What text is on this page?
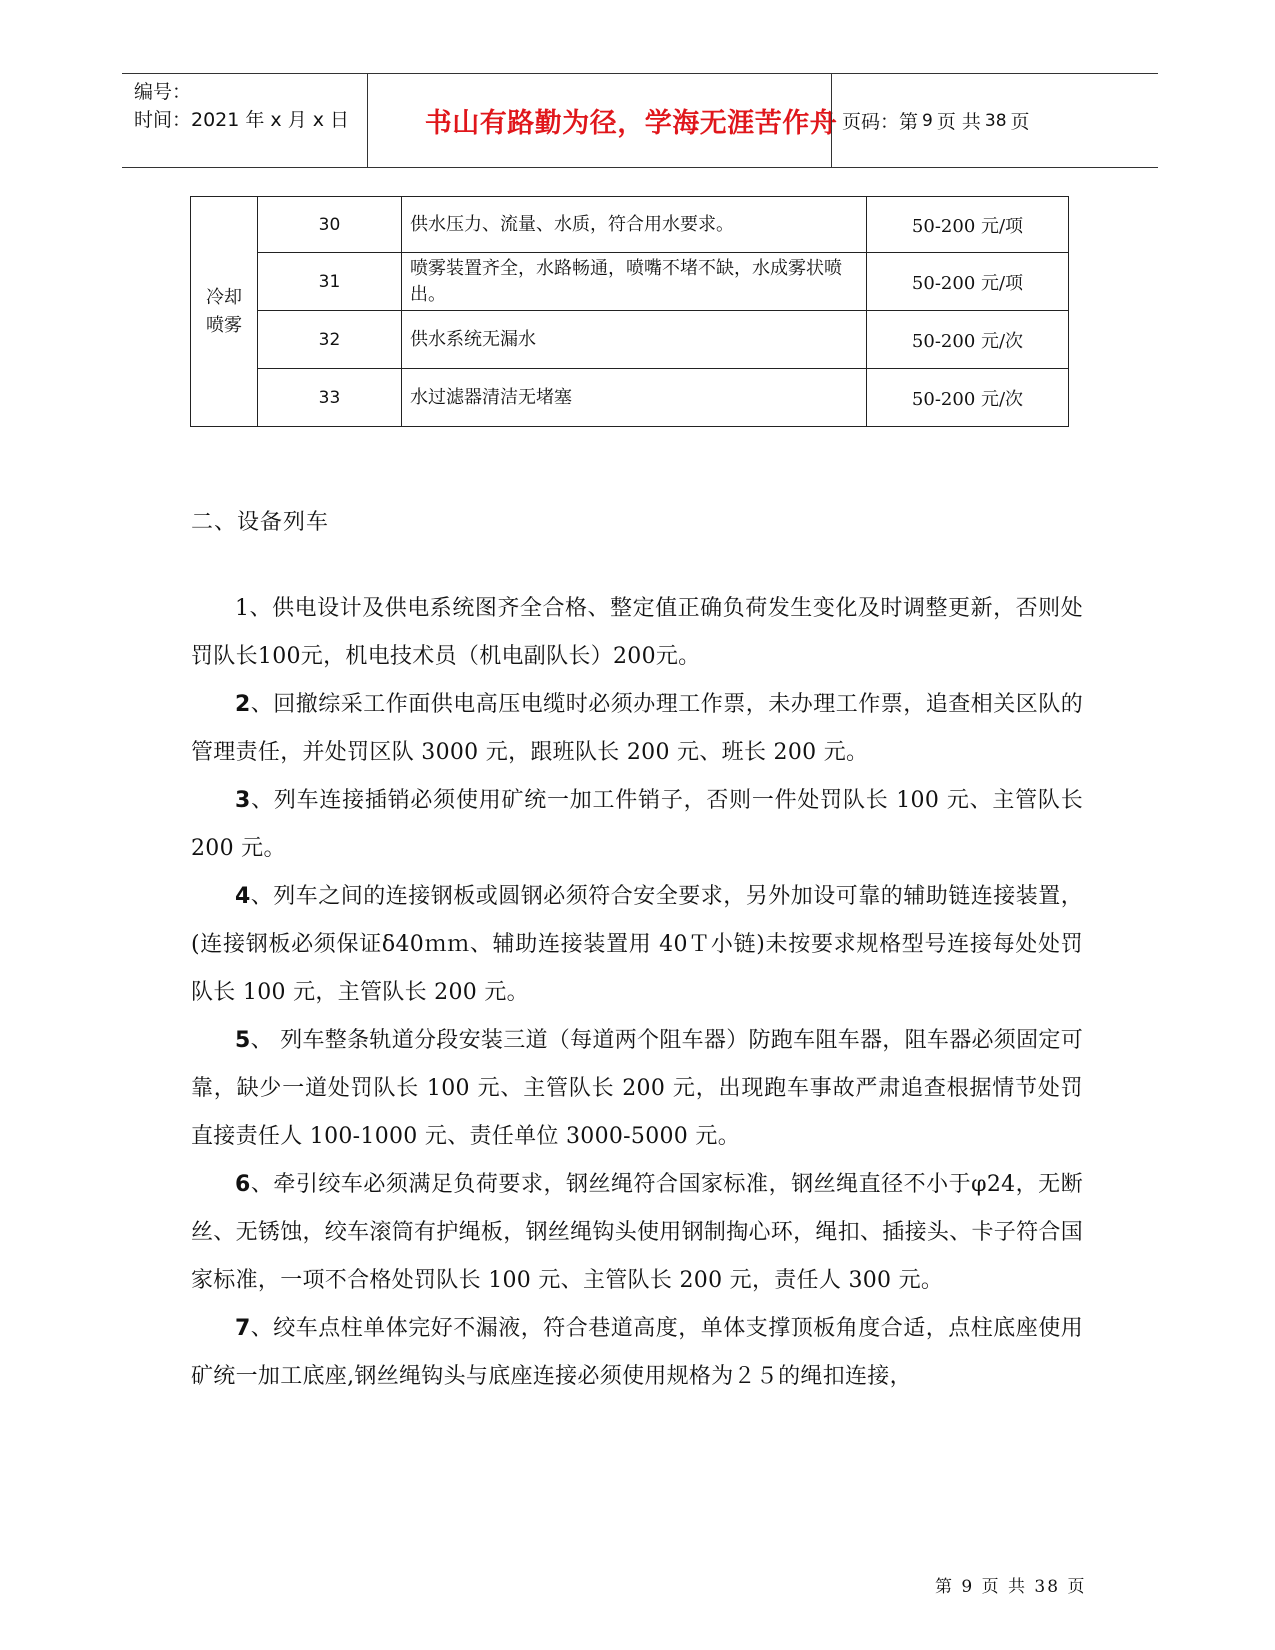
编号：
时间：2021 年 x 月 x 日	书山有路勤为径，学海无涯苦作舟 页码：第 9 页 共 38 页
冷却
喷雾	30	供水压力、流量、水质，符合用水要求。	50-200 元/项
	31	喷雾装置齐全，水路畅通，喷嘴不堵不缺，水成雾状喷出。	50-200 元/项
	32	供水系统无漏水	50-200 元/次
	33	水过滤器清洁无堵塞	50-200 元/次
二、设备列车

1、供电设计及供电系统图齐全合格、整定值正确负荷发生变化及时调整更新，否则处罚队长100元，机电技术员（机电副队长）200元。

2、回撤综采工作面供电高压电缆时必须办理工作票，未办理工作票，追查相关区队的管理责任，并处罚区队 3000 元，跟班队长 200 元、班长 200 元。

3、列车连接插销必须使用矿统一加工件销子，否则一件处罚队长 100 元、主管队长 200 元。

4、列车之间的连接钢板或圆钢必须符合安全要求，另外加设可靠的辅助链连接装置，(连接钢板必须保证δ40ｍｍ、辅助连接装置用 40Ｔ小链)未按要求规格型号连接每处处罚队长 100 元，主管队长 200 元。

5、 列车整条轨道分段安装三道（每道两个阻车器）防跑车阻车器，阻车器必须固定可靠，缺少一道处罚队长 100 元、主管队长 200 元，出现跑车事故严肃追查根据情节处罚直接责任人 100-1000 元、责任单位 3000-5000 元。

6、牵引绞车必须满足负荷要求，钢丝绳符合国家标准，钢丝绳直径不小于φ24，无断丝、无锈蚀，绞车滚筒有护绳板，钢丝绳钩头使用钢制掏心环，绳扣、插接头、卡子符合国家标准，一项不合格处罚队长 100 元、主管队长 200 元，责任人 300 元。

7、绞车点柱单体完好不漏液，符合巷道高度，单体支撑顶板角度合适，点柱底座使用矿统一加工底座,钢丝绳钩头与底座连接必须使用规格为２５的绳扣连接，

第 9 页 共 38 页
